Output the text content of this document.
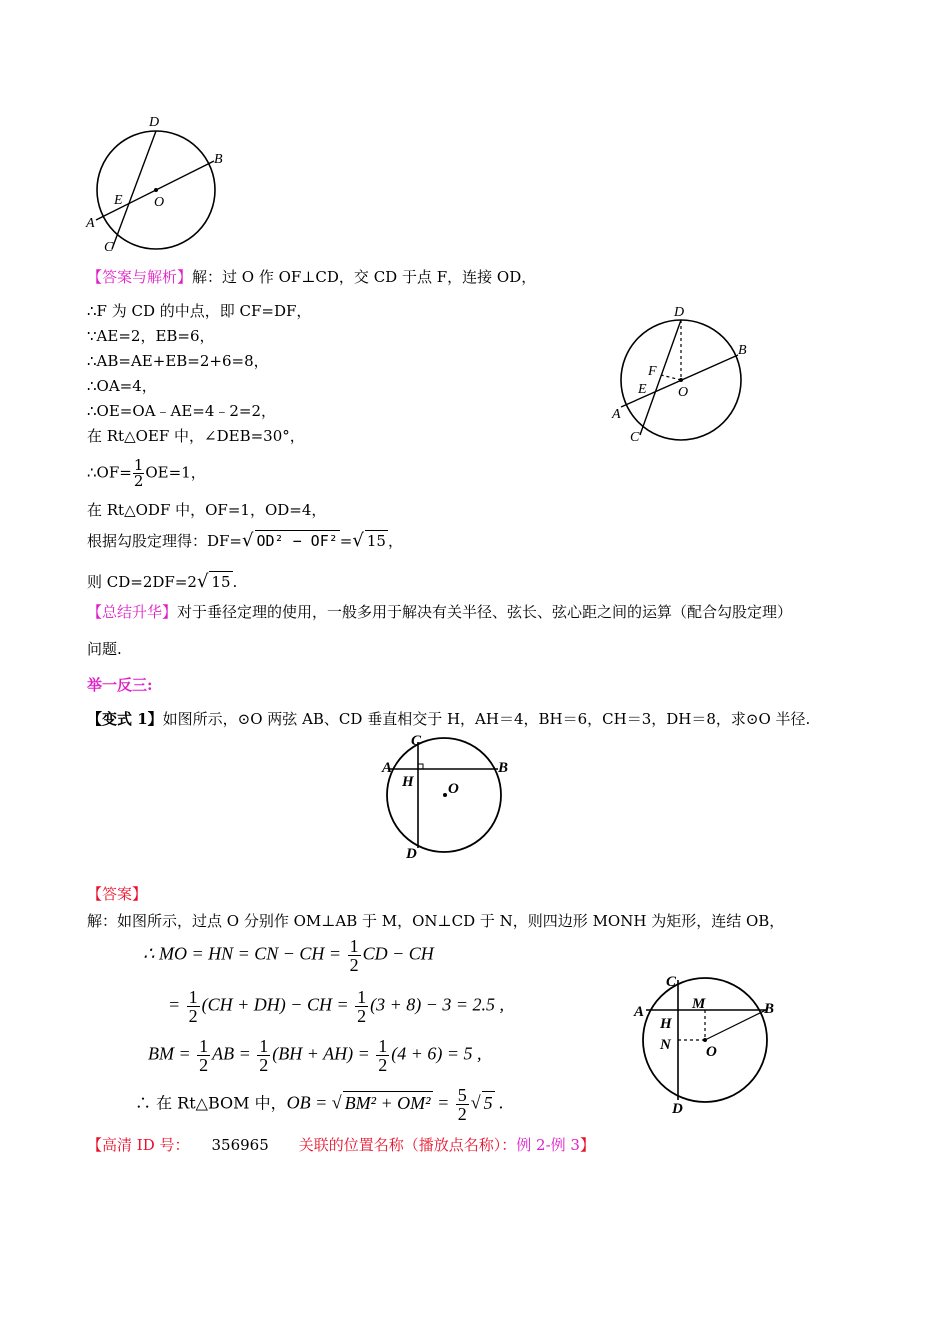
D
B
E O
A
C
【答案与解析】解：过 O 作 OF⊥CD，交 CD 于点 F，连接 OD，
∴F 为 CD 的中点，即 CF=DF，
∵AE=2，EB=6，
∴AB=AE+EB=2+6=8，
∴OA=4，
∴OE=OA﹣AE=4﹣2=2，
在 Rt△OEF 中，∠DEB=30°，
∴OF= $\frac{1}{2} OE=1$，
在 Rt△ODF 中，OF=1，OD=4，
根据勾股定理得：DF=√ OD² − OF² =√ 15 ，
则 CD=2DF=2√ 15 .
D
B
F
E O
A
C
【总结升华】对于垂径定理的使用，一般多用于解决有关半径、弦长、弦心距之间的运算（配合勾股定理）
问题.
举一反三:
【变式 1】如图所示，⊙O 两弦 AB、CD 垂直相交于 H，AH＝4，BH＝6，CH＝3，DH＝8，求⊙O 半径.
C
A	B
H O
D
【答案】
解：如图所示，过点 O 分别作 OM⊥AB 于 M，ON⊥CD 于 N，则四边形 MONH 为矩形，连结 OB，
∴ MO = HN = CN − CH = $\frac{1}{2}$ CD − CH
= $\frac{1}{2} (CH + DH)$ − CH = $\frac{1}{2} (3 + 8) - 3 = 2.5$ ,
BM = $\frac{1}{2}$ AB = $\frac{1}{2} (BH + AH) = \frac{1}{2} (4 + 6) = 5$ ,
∴ 在 Rt△BOM 中，OB = √ $BM^2 + OM^2 = \frac{5}{2}$ √ 5 .
C
M	B
A
H
N O
D
【高清 ID 号： 356965 关联的位置名称（播放点名称）：例 2-例 3】
